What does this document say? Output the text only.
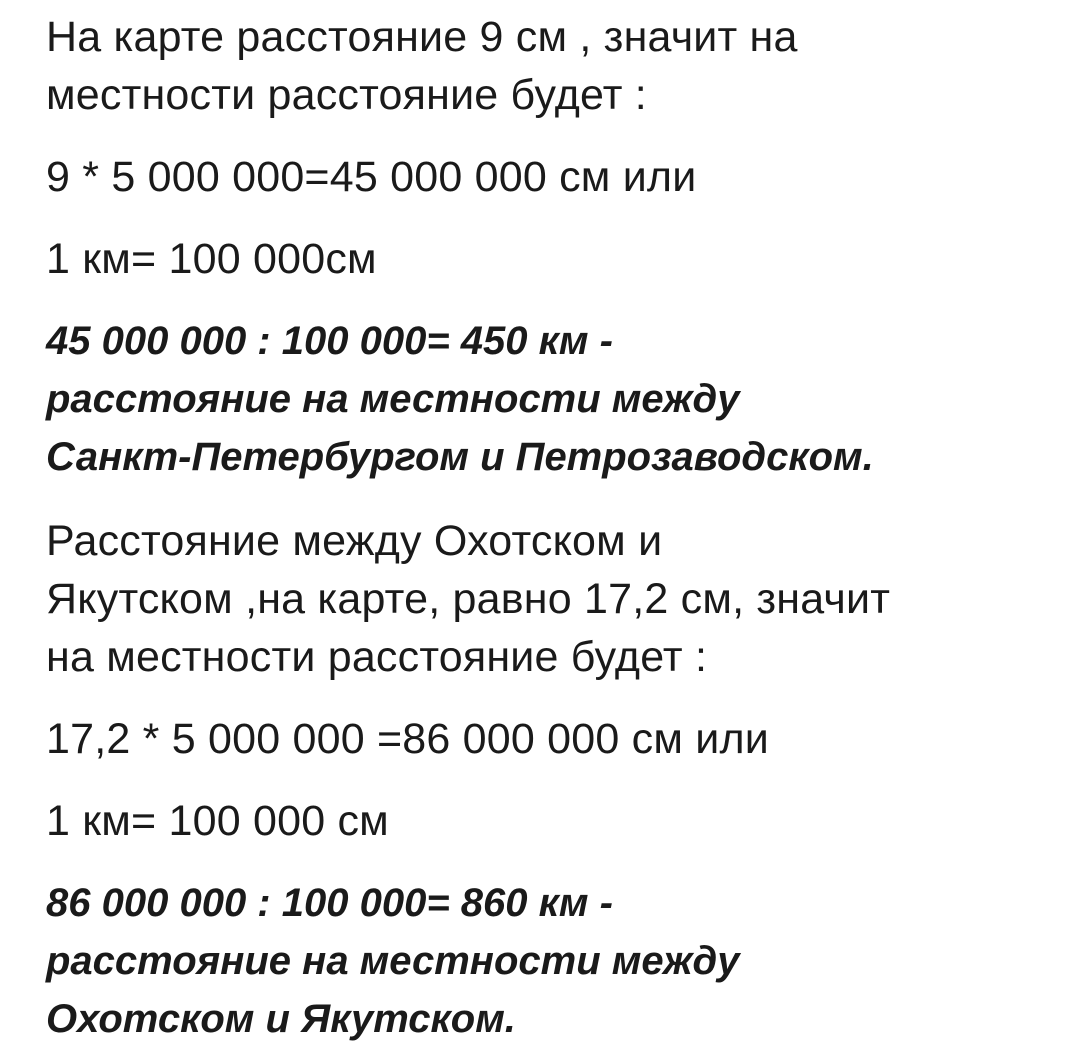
На карте расстояние 9 см , значит на
местности расстояние будет :

9 * 5 000 000=45 000 000 см или

1 км= 100 000см

45 000 000 : 100 000= 450 км -
расстояние на местности между
Санкт-Петербургом и Петрозаводском.

Расстояние между Охотском и
Якутском ,на карте, равно 17,2 см, значит
на местности расстояние будет :

17,2 * 5 000 000 =86 000 000 см или

1 км= 100 000 см

86 000 000 : 100 000= 860 км -
расстояние на местности между
Охотском и Якутском.
